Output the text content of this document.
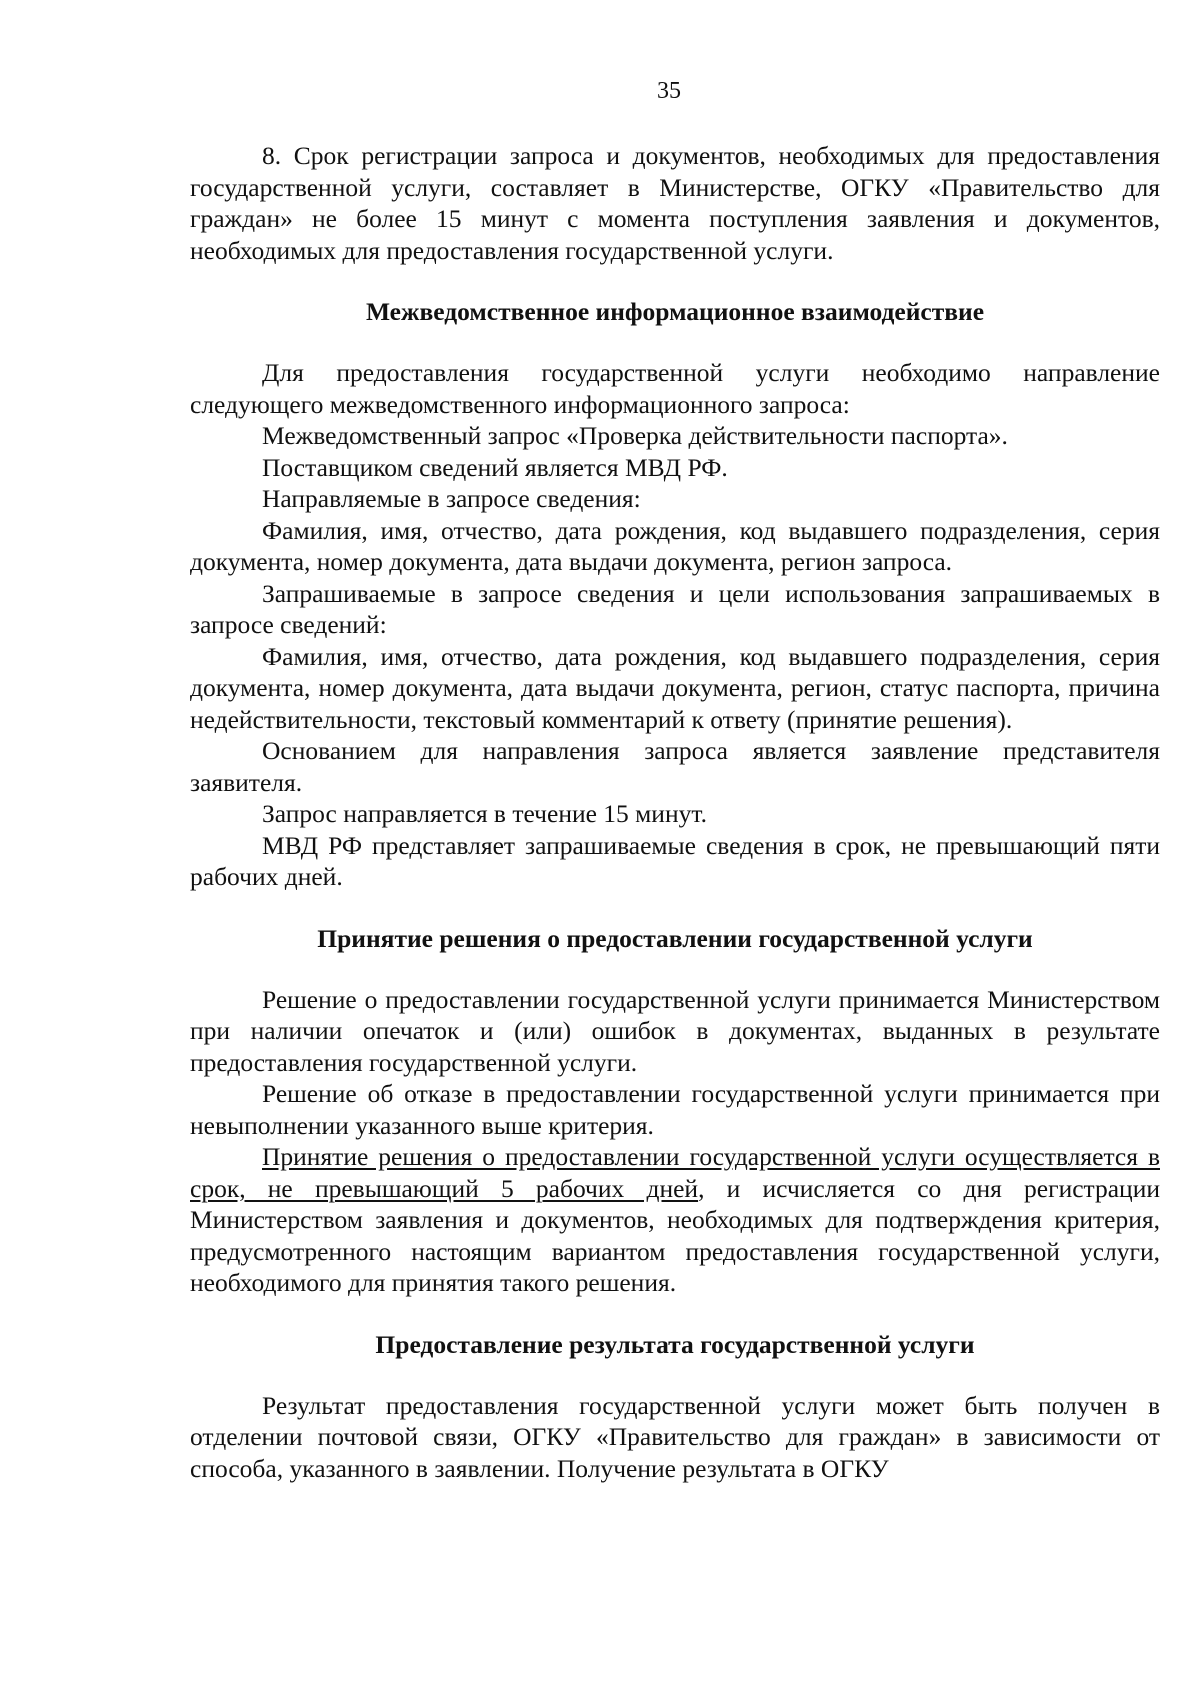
35

8. Срок регистрации запроса и документов, необходимых для предоставления государственной услуги, составляет в Министерстве, ОГКУ «Правительство для граждан» не более 15 минут с момента поступления заявления и документов, необходимых для предоставления государственной услуги.

Межведомственное информационное взаимодействие

Для предоставления государственной услуги необходимо направление следующего межведомственного информационного запроса:

Межведомственный запрос «Проверка действительности паспорта».

Поставщиком сведений является МВД РФ.

Направляемые в запросе сведения:

Фамилия, имя, отчество, дата рождения, код выдавшего подразделения, серия документа, номер документа, дата выдачи документа, регион запроса.

Запрашиваемые в запросе сведения и цели использования запрашиваемых в запросе сведений:

Фамилия, имя, отчество, дата рождения, код выдавшего подразделения, серия документа, номер документа, дата выдачи документа, регион, статус паспорта, причина недействительности, текстовый комментарий к ответу (принятие решения).

Основанием для направления запроса является заявление представителя заявителя.

Запрос направляется в течение 15 минут.

МВД РФ представляет запрашиваемые сведения в срок, не превышающий пяти рабочих дней.

Принятие решения о предоставлении государственной услуги

Решение о предоставлении государственной услуги принимается Министерством при наличии опечаток и (или) ошибок в документах, выданных в результате предоставления государственной услуги.

Решение об отказе в предоставлении государственной услуги принимается при невыполнении указанного выше критерия.

Принятие решения о предоставлении государственной услуги осуществляется в срок, не превышающий 5 рабочих дней, и исчисляется со дня регистрации Министерством заявления и документов, необходимых для подтверждения критерия, предусмотренного настоящим вариантом предоставления государственной услуги, необходимого для принятия такого решения.

Предоставление результата государственной услуги

Результат предоставления государственной услуги может быть получен в отделении почтовой связи, ОГКУ «Правительство для граждан» в зависимости от способа, указанного в заявлении. Получение результата в ОГКУ
